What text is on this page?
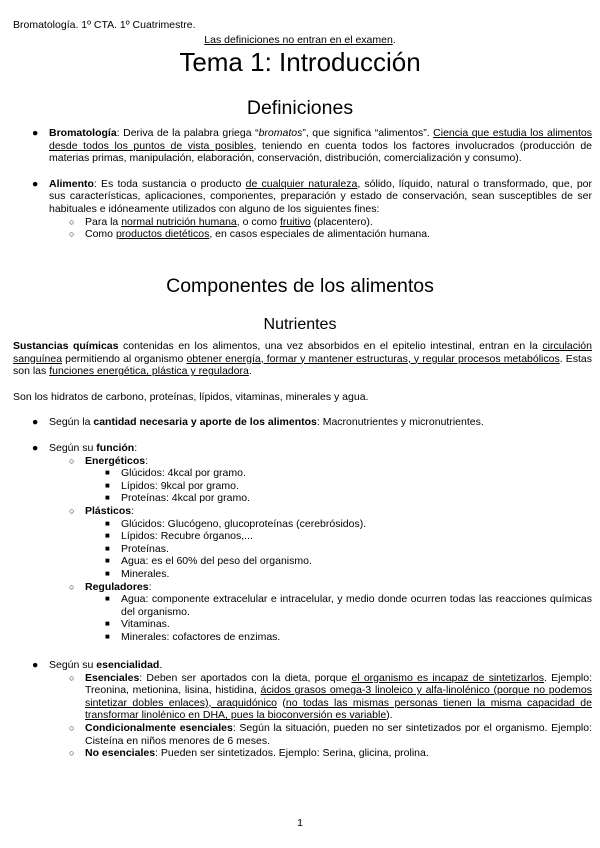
Bromatología. 1º CTA. 1º Cuatrimestre.
Las definiciones no entran en el examen.
Tema 1: Introducción
Definiciones
● Bromatología: Deriva de la palabra griega “bromatos”, que significa “alimentos”. Ciencia que estudia los alimentos desde todos los puntos de vista posibles, teniendo en cuenta todos los factores involucrados (producción de materias primas, manipulación, elaboración, conservación, distribución, comercialización y consumo).

● Alimento: Es toda sustancia o producto de cualquier naturaleza, sólido, líquido, natural o transformado, que, por sus características, aplicaciones, componentes, preparación y estado de conservación, sean susceptibles de ser habituales e idóneamente utilizados con alguno de los siguientes fines:

○ Para la normal nutrición humana, o como fruitivo (placentero).
○ Como productos dietéticos, en casos especiales de alimentación humana.
Componentes de los alimentos
Nutrientes

Sustancias químicas contenidas en los alimentos, una vez absorbidos en el epitelio intestinal, entran en la circulación sanguínea permitiendo al organismo obtener energía, formar y mantener estructuras, y regular procesos metabólicos. Estas son las funciones energética, plástica y reguladora.

Son los hidratos de carbono, proteínas, lípidos, vitaminas, minerales y agua.
● Según la cantidad necesaria y aporte de los alimentos: Macronutrientes y micronutrientes.
● Según su función:
○ Energéticos:
■ Glúcidos: 4kcal por gramo.
■ Lípidos: 9kcal por gramo.
■ Proteínas: 4kcal por gramo.
○ Plásticos:
■ Glúcidos: Glucógeno, glucoproteínas (cerebrósidos).
■ Lípidos: Recubre órganos,...
■ Proteínas.
■ Agua: es el 60% del peso del organismo.
■ Minerales.
○ Reguladores:
■ Agua: componente extracelular e intracelular, y medio donde ocurren todas las reacciones químicas del organismo.

■ Vitaminas.
■ Minerales: cofactores de enzimas.
● Según su esencialidad.
○ Esenciales: Deben ser aportados con la dieta, porque el organismo es incapaz de sintetizarlos. Ejemplo: Treonina, metionina, lisina, histidina, ácidos grasos omega-3 linoleico y alfa-linolénico (porque no podemos sintetizar dobles enlaces), araquidónico (no todas las mismas personas tienen la misma capacidad de transformar linolénico en DHA, pues la bioconversión es variable).

○ Condicionalmente esenciales: Según la situación, pueden no ser sintetizados por el organismo. Ejemplo: Cisteína en niños menores de 6 meses.

○ No esenciales: Pueden ser sintetizados. Ejemplo: Serina, glicina, prolina.
1
